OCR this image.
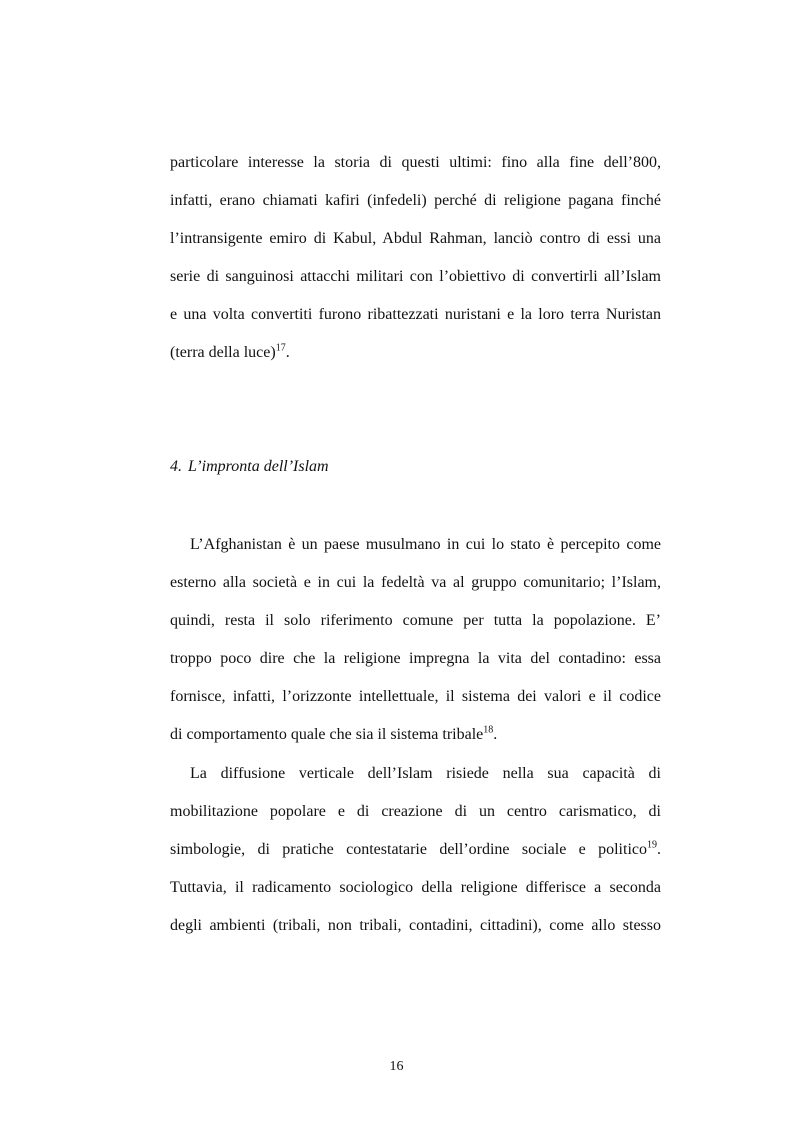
particolare interesse la storia di questi ultimi: fino alla fine dell’800,
infatti, erano chiamati kafiri (infedeli) perché di religione pagana finché
l’intransigente emiro di Kabul, Abdul Rahman, lanciò contro di essi una
serie di sanguinosi attacchi militari con l’obiettivo di convertirli all’Islam
e una volta convertiti furono ribattezzati nuristani e la loro terra Nuristan
(terra della luce)$^{17}$.
4. L’impronta dell’Islam
L’Afghanistan è un paese musulmano in cui lo stato è percepito come
esterno alla società e in cui la fedeltà va al gruppo comunitario; l’Islam,
quindi, resta il solo riferimento comune per tutta la popolazione. E’
troppo poco dire che la religione impregna la vita del contadino: essa
fornisce, infatti, l’orizzonte intellettuale, il sistema dei valori e il codice
di comportamento quale che sia il sistema tribale$^{18}$.
La diffusione verticale dell’Islam risiede nella sua capacità di
mobilitazione popolare e di creazione di un centro carismatico, di
simbologie, di pratiche contestatarie dell’ordine sociale e politico$^{19}$.
Tuttavia, il radicamento sociologico della religione differisce a seconda
degli ambienti (tribali, non tribali, contadini, cittadini), come allo stesso
16
